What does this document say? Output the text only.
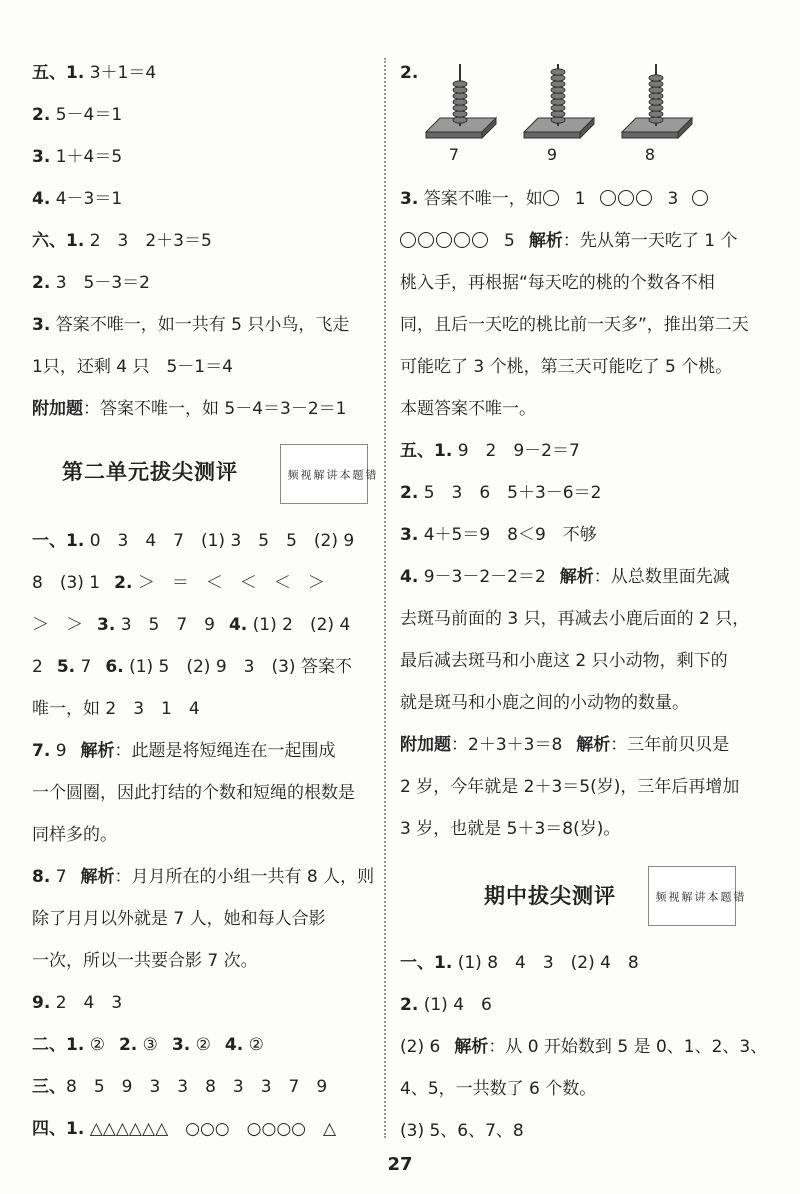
五、1. 3＋1＝4
2. 5－4＝1
3. 1＋4＝5
4. 4－3＝1
六、1. 2　3　2＋3＝5
2. 3　5－3＝2
3. 答案不唯一，如一共有 5 只小鸟，飞走
1只，还剩 4 只　5－1＝4
附加题：答案不唯一，如 5－4＝3－2＝1
第二单元拔尖测评	讲
解
视
频	错
题
本
一、1. 0　3　4　7　(1) 3　5　5　(2) 9
8　(3) 1 2. ＞　＝　＜　＜　＜　＞
＞　＞ 3. 3　5　7　9 4. (1) 2　(2) 4
2 5. 7 6. (1) 5　(2) 9　3　(3) 答案不
唯一，如 2　3　1　4
7. 9 解析：此题是将短绳连在一起围成
一个圆圈，因此打结的个数和短绳的根数是
同样多的。
8. 7 解析：月月所在的小组一共有 8 人，则
除了月月以外就是 7 人，她和每人合影
一次，所以一共要合影 7 次。
9. 2　4　3
二、1. ② 2. ③ 3. ② 4. ②
三、8　5　9　3　3　8　3　3　7　9
四、1. △△△△△△　○○○　○○○○　△
2.
7	9	8
3. 答案不唯一，如 1	3
5 解析：先从第一天吃了 1 个
桃入手，再根据“每天吃的桃的个数各不相
同，且后一天吃的桃比前一天多”，推出第二天
可能吃了 3 个桃，第三天可能吃了 5 个桃。
本题答案不唯一。
五、1. 9　2　9－2＝7
2. 5　3　6　5＋3－6＝2
3. 4＋5＝9　8＜9　不够
4. 9－3－2－2＝2 解析：从总数里面先减
去斑马前面的 3 只，再减去小鹿后面的 2 只，
最后减去斑马和小鹿这 2 只小动物，剩下的
就是斑马和小鹿之间的小动物的数量。
附加题：2＋3＋3＝8 解析：三年前贝贝是
2 岁，今年就是 2＋3＝5(岁)，三年后再增加
3 岁，也就是 5＋3＝8(岁)。
期中拔尖测评	讲
解
视
频	错
题
本
一、1. (1) 8　4　3　(2) 4　8
2. (1) 4　6
(2) 6 解析：从 0 开始数到 5 是 0、1、2、3、
4、5，一共数了 6 个数。
(3) 5、6、7、8
27
